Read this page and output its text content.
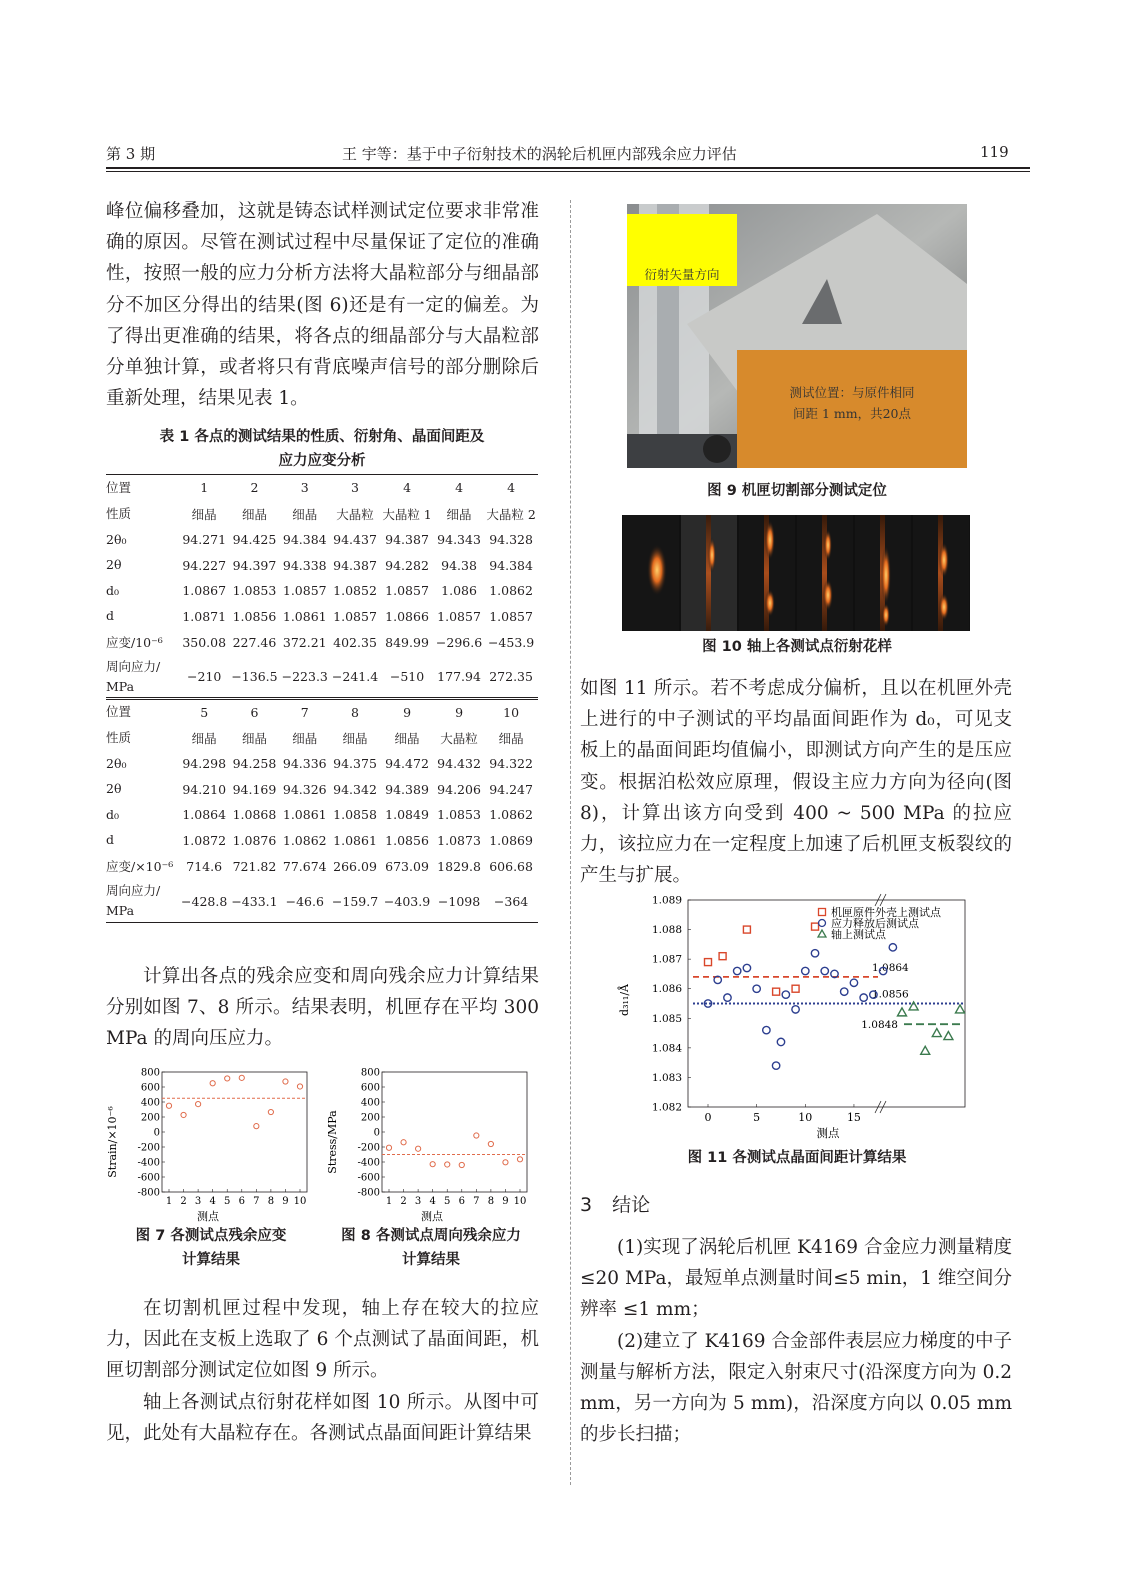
第 3 期	王 宇等：基于中子衍射技术的涡轮后机匣内部残余应力评估	119

峰位偏移叠加，这就是铸态试样测试定位要求非常准确的原因。尽管在测试过程中尽量保证了定位的准确性，按照一般的应力分析方法将大晶粒部分与细晶部分不加区分得出的结果(图 6)还是有一定的偏差。为了得出更准确的结果，将各点的细晶部分与大晶粒部分单独计算，或者将只有背底噪声信号的部分删除后重新处理，结果见表 1。

表 1 各点的测试结果的性质、衍射角、晶面间距及
应力应变分析
位置	1	2	3	3	4	4	4
性质	细晶	细晶	细晶	大晶粒	大晶粒 1	细晶	大晶粒 2
2θ₀	94.271	94.425	94.384	94.437	94.387	94.343	94.328
2θ	94.227	94.397	94.338	94.387	94.282	94.38	94.384
d₀	1.0867	1.0853	1.0857	1.0852	1.0857	1.086	1.0862
d	1.0871	1.0856	1.0861	1.0857	1.0866	1.0857	1.0857
应变/10⁻⁶	350.08	227.46	372.21	402.35	849.99	−296.6	−453.9
周向应力/
MPa	−210	−136.5	−223.3	−241.4	−510	177.94	272.35
位置	5	6	7	8	9	9	10
性质	细晶	细晶	细晶	细晶	细晶	大晶粒	细晶
2θ₀	94.298	94.258	94.336	94.375	94.472	94.432	94.322
2θ	94.210	94.169	94.326	94.342	94.389	94.206	94.247
d₀	1.0864	1.0868	1.0861	1.0858	1.0849	1.0853	1.0862
d	1.0872	1.0876	1.0862	1.0861	1.0856	1.0873	1.0869
应变/×10⁻⁶	714.6	721.82	77.674	266.09	673.09	1829.8	606.68
周向应力/
MPa	−428.8	−433.1	−46.6	−159.7	−403.9	−1098	−364

计算出各点的残余应变和周向残余应力计算结果分别如图 7、8 所示。结果表明，机匣存在平均 300 MPa 的周向压应力。

Strain/×10⁻⁶
测点
800
600
400
200
0
-200
-400
-600
-800
1 2 3 4 5 6 7 8 9 10
Stress/MPa
测点
800
600
400
200
0
-200
-400
-600
-800
1 2 3 4 5 6 7 8 9 10
图 7 各测试点残余应变
计算结果
图 8 各测试点周向残余应力
计算结果

在切割机匣过程中发现，轴上存在较大的拉应力，因此在支板上选取了 6 个点测试了晶面间距，机匣切割部分测试定位如图 9 所示。

轴上各测试点衍射花样如图 10 所示。从图中可见，此处有大晶粒存在。各测试点晶面间距计算结果

衍射矢量方向
测试位置：与原件相同
间距 1 mm，共20点
图 9 机匣切割部分测试定位
图 10 轴上各测试点衍射花样

如图 11 所示。若不考虑成分偏析，且以在机匣外壳上进行的中子测试的平均晶面间距作为 d₀，可见支板上的晶面间距均值偏小，即测试方向产生的是压应变。根据泊松效应原理，假设主应力方向为径向(图 8)，计算出该方向受到 400 ~ 500 MPa 的拉应力，该拉应力在一定程度上加速了后机匣支板裂纹的产生与扩展。

d₃₁₁/Å
测点
1.089
1.088
1.087
1.086
1.085
1.084
1.083
1.082
0	5	10	15
1.0864
1.0856
1.0848
机匣原件外壳上测试点
应力释放后测试点
轴上测试点
图 11 各测试点晶面间距计算结果
3 结论

(1)实现了涡轮后机匣 K4169 合金应力测量精度 ≤20 MPa，最短单点测量时间≤5 min，1 维空间分辨率 ≤1 mm；

(2)建立了 K4169 合金部件表层应力梯度的中子测量与解析方法，限定入射束尺寸(沿深度方向为 0.2 mm，另一方向为 5 mm)，沿深度方向以 0.05 mm 的步长扫描；
